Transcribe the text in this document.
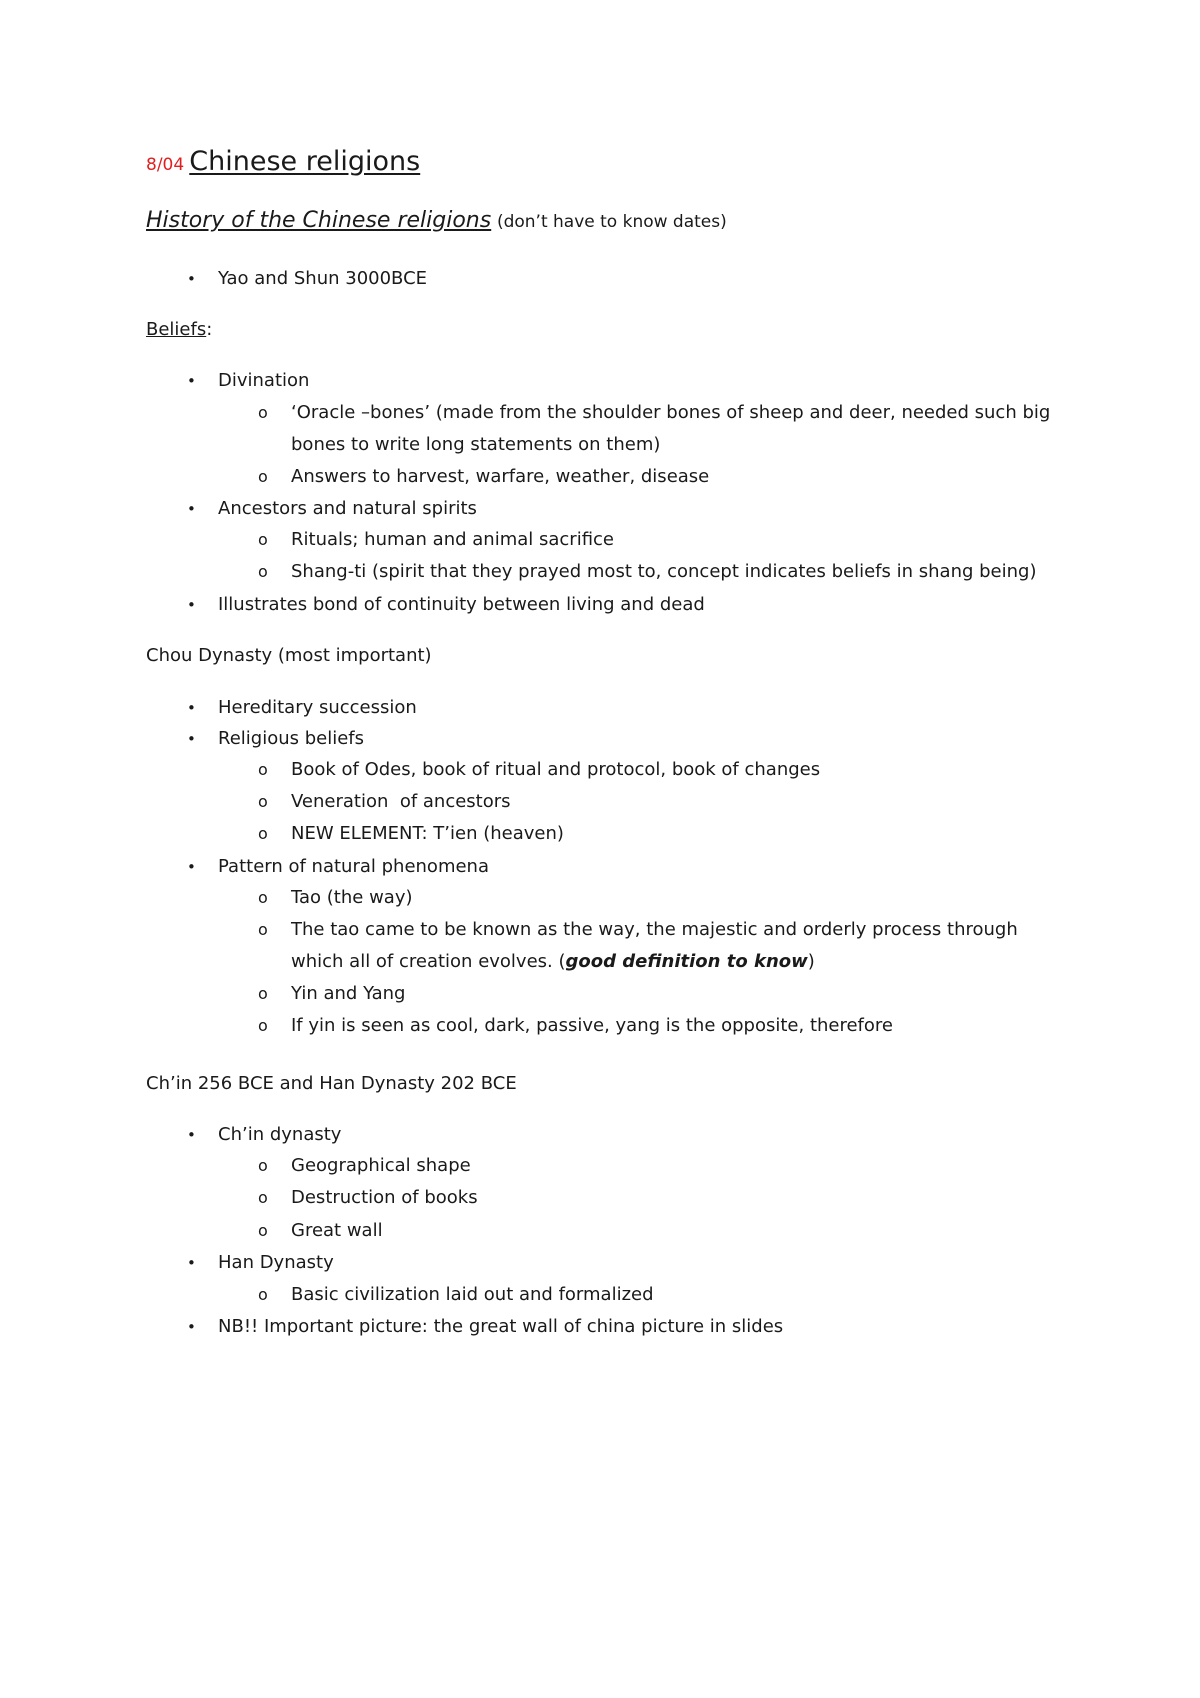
8/04 Chinese religions
History of the Chinese religions (don’t have to know dates)
• Yao and Shun 3000BCE
Beliefs:
• Divination
o ‘Oracle –bones’ (made from the shoulder bones of sheep and deer, needed such big
bones to write long statements on them)
o Answers to harvest, warfare, weather, disease
• Ancestors and natural spirits
o Rituals; human and animal sacrifice
o Shang-ti (spirit that they prayed most to, concept indicates beliefs in shang being)
• Illustrates bond of continuity between living and dead
Chou Dynasty (most important)
• Hereditary succession
• Religious beliefs
o Book of Odes, book of ritual and protocol, book of changes
o Veneration  of ancestors
o NEW ELEMENT: T’ien (heaven)
• Pattern of natural phenomena
o Tao (the way)
o The tao came to be known as the way, the majestic and orderly process through
which all of creation evolves. (good definition to know)
o Yin and Yang
o If yin is seen as cool, dark, passive, yang is the opposite, therefore
Ch’in 256 BCE and Han Dynasty 202 BCE
• Ch’in dynasty
o Geographical shape
o Destruction of books
o Great wall
• Han Dynasty
o Basic civilization laid out and formalized
• NB!! Important picture: the great wall of china picture in slides
